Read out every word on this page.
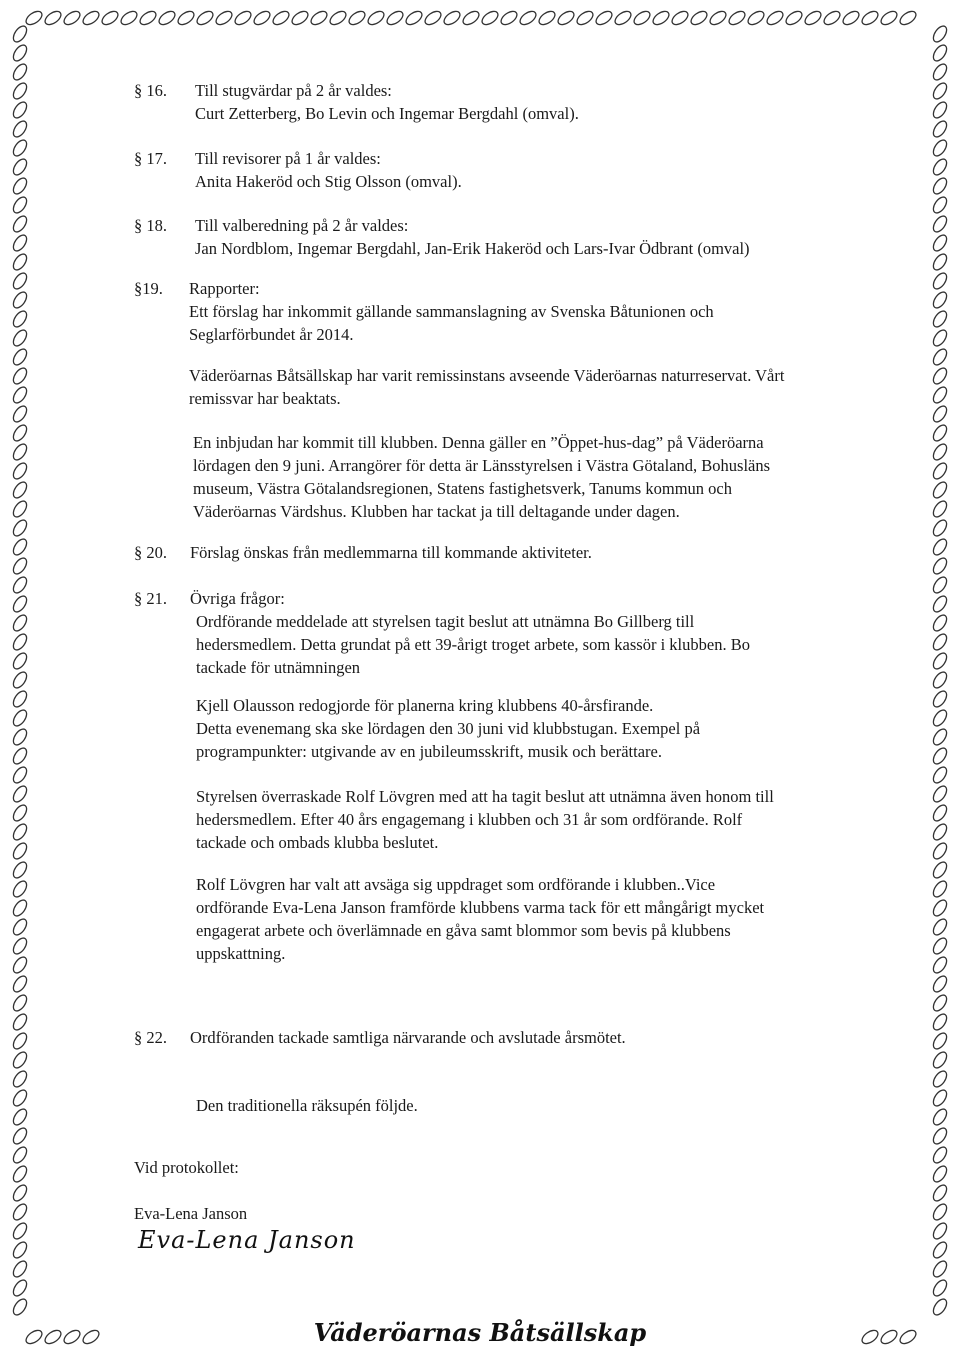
§ 16. Till stugvärdar på 2 år valdes:
Curt Zetterberg, Bo Levin och Ingemar Bergdahl (omval).
§ 17. Till revisorer på 1 år valdes:
Anita Hakeröd och Stig Olsson (omval).
§ 18. Till valberedning på 2 år valdes:
Jan Nordblom, Ingemar Bergdahl, Jan-Erik Hakeröd och Lars-Ivar Ödbrant (omval)
§19. Rapporter:
Ett förslag har inkommit gällande sammanslagning av Svenska Båtunionen och
Seglarförbundet år 2014.
Väderöarnas Båtsällskap har varit remissinstans avseende Väderöarnas naturreservat. Vårt
remissvar har beaktats.
En inbjudan har kommit till klubben. Denna gäller en ”Öppet-hus-dag” på Väderöarna
lördagen den 9 juni. Arrangörer för detta är Länsstyrelsen i Västra Götaland, Bohusläns
museum, Västra Götalandsregionen, Statens fastighetsverk, Tanums kommun och
Väderöarnas Värdshus. Klubben har tackat ja till deltagande under dagen.
§ 20. Förslag önskas från medlemmarna till kommande aktiviteter.
§ 21. Övriga frågor:
Ordförande meddelade att styrelsen tagit beslut att utnämna Bo Gillberg till
hedersmedlem. Detta grundat på ett 39-årigt troget arbete, som kassör i klubben. Bo
tackade för utnämningen
Kjell Olausson redogjorde för planerna kring klubbens 40-årsfirande.
Detta evenemang ska ske lördagen den 30 juni vid klubbstugan. Exempel på
programpunkter: utgivande av en jubileumsskrift, musik och berättare.
Styrelsen överraskade Rolf Lövgren med att ha tagit beslut att utnämna även honom till
hedersmedlem. Efter 40 års engagemang i klubben och 31 år som ordförande. Rolf
tackade och ombads klubba beslutet.
Rolf Lövgren har valt att avsäga sig uppdraget som ordförande i klubben..Vice
ordförande Eva-Lena Janson framförde klubbens varma tack för ett mångårigt mycket
engagerat arbete och överlämnade en gåva samt blommor som bevis på klubbens
uppskattning.
§ 22. Ordföranden tackade samtliga närvarande och avslutade årsmötet.
Den traditionella räksupén följde.
Vid protokollet:
Eva-Lena Janson
Eva-Lena Janson
Väderöarnas Båtsällskap
